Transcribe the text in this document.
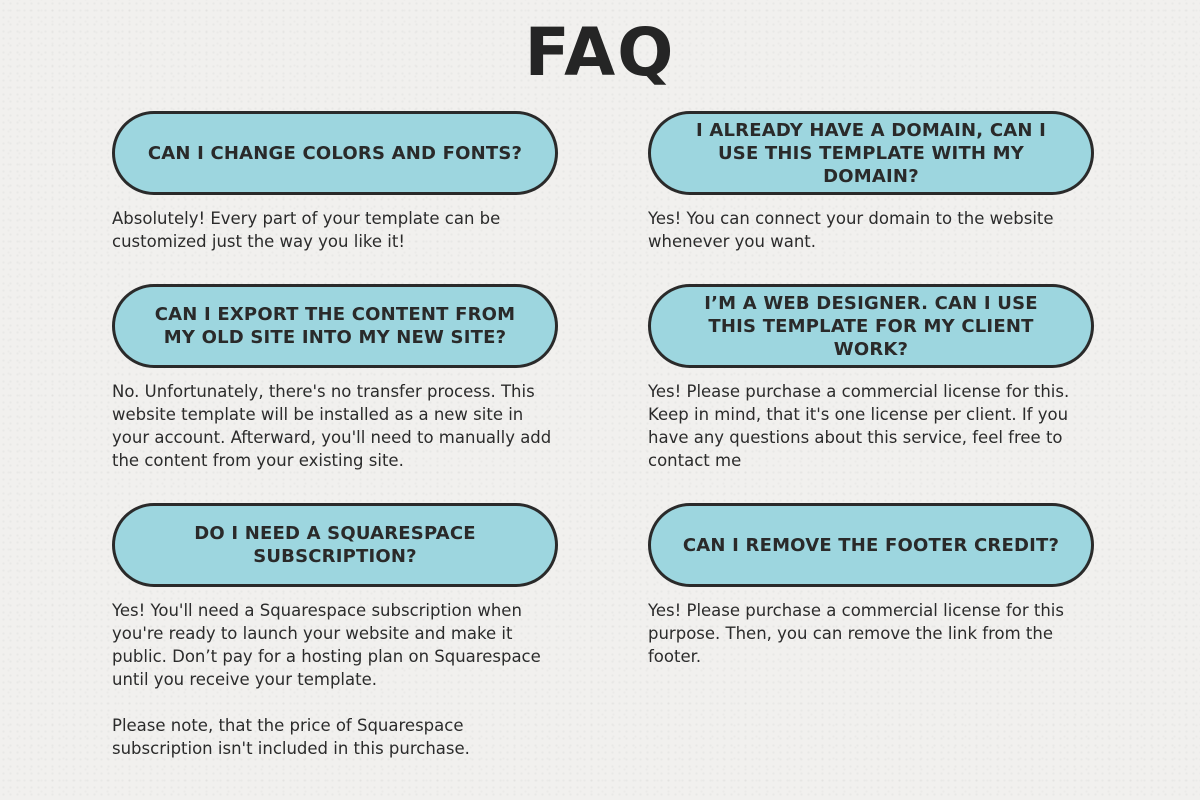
FAQ
CAN I CHANGE COLORS AND FONTS?

Absolutely! Every part of your template can be customized just the way you like it!

CAN I EXPORT THE CONTENT FROM MY OLD SITE INTO MY NEW SITE?

No. Unfortunately, there's no transfer process. This website template will be installed as a new site in your account. Afterward, you'll need to manually add the content from your existing site.

DO I NEED A SQUARESPACE SUBSCRIPTION?

Yes! You'll need a Squarespace subscription when you're ready to launch your website and make it public. Don’t pay for a hosting plan on Squarespace until you receive your template.

Please note, that the price of Squarespace subscription isn't included in this purchase.

I ALREADY HAVE A DOMAIN, CAN I USE THIS TEMPLATE WITH MY DOMAIN?

Yes! You can connect your domain to the website whenever you want.

I’M A WEB DESIGNER. CAN I USE THIS TEMPLATE FOR MY CLIENT WORK?

Yes! Please purchase a commercial license for this. Keep in mind, that it's one license per client. If you have any questions about this service, feel free to contact me

CAN I REMOVE THE FOOTER CREDIT?

Yes! Please purchase a commercial license for this purpose. Then, you can remove the link from the footer.
